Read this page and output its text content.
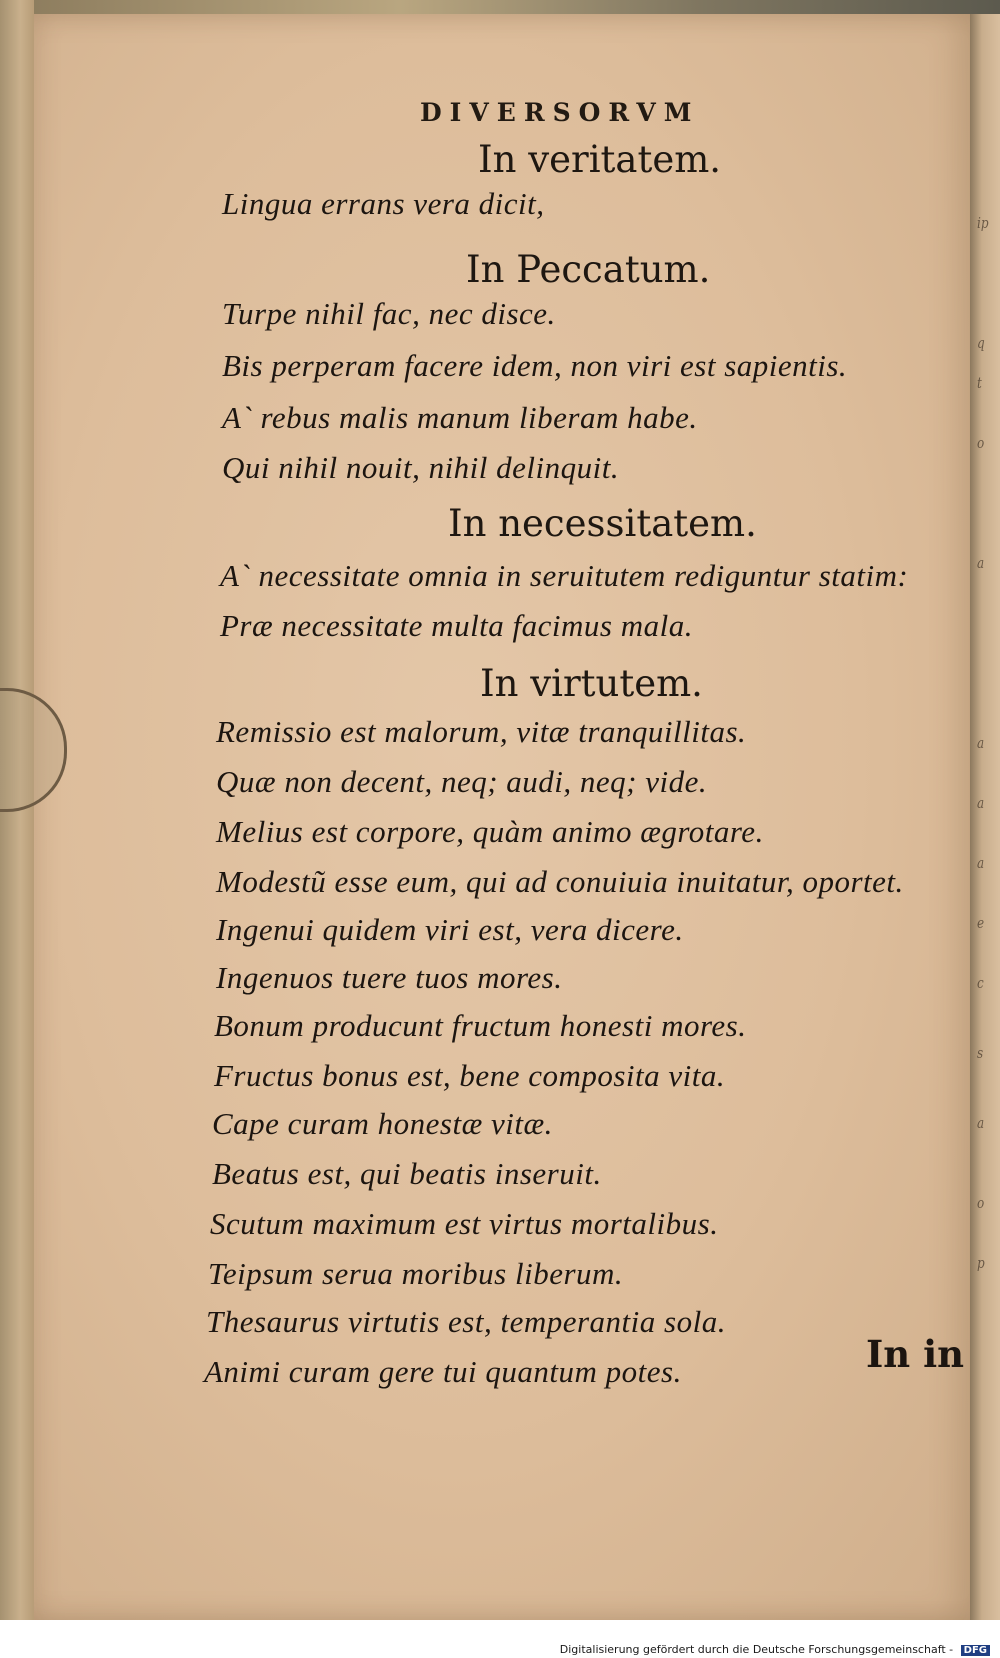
ip
q
t
o
a
a
a
a
e
c
s
a
o
p
DIVERSORVM
In veritatem.
Lingua errans vera dicit,
In Peccatum.
Turpe nihil fac, nec disce.
Bis perperam facere idem, non viri est sapientis.
A` rebus malis manum liberam habe.
Qui nihil nouit, nihil delinquit.
In necessitatem.
A` necessitate omnia in seruitutem rediguntur statim:
Præ necessitate multa facimus mala.
In virtutem.
Remissio est malorum, vitæ tranquillitas.
Quæ non decent, neq; audi, neq; vide.
Melius est corpore, quàm animo ægrotare.
Modestũ esse eum, qui ad conuiuia inuitatur, oportet.
Ingenui quidem viri est, vera dicere.
Ingenuos tuere tuos mores.
Bonum producunt fructum honesti mores.
Fructus bonus est, bene composita vita.
Cape curam honestæ vitæ.
Beatus est, qui beatis inseruit.
Scutum maximum est virtus mortalibus.
Teipsum serua moribus liberum.
Thesaurus virtutis est, temperantia sola.
Animi curam gere tui quantum potes.	In in
Digitalisierung gefördert durch die Deutsche Forschungsgemeinschaft - DFG
